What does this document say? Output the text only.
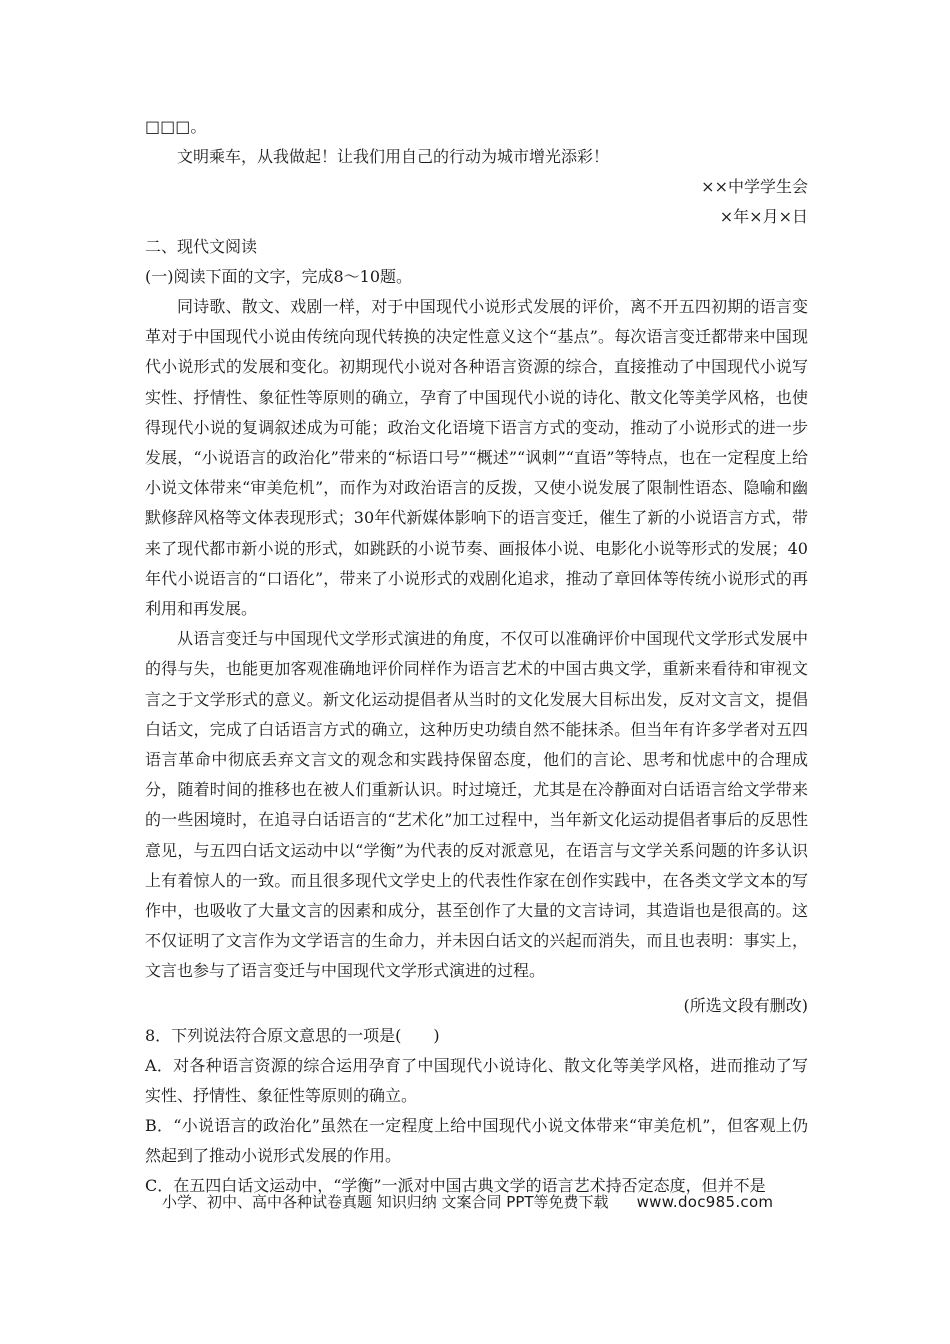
□□□。

文明乘车，从我做起！让我们用自己的行动为城市增光添彩！

××中学学生会

×年×月×日

二、现代文阅读

(一)阅读下面的文字，完成8～10题。

同诗歌、散文、戏剧一样，对于中国现代小说形式发展的评价，离不开五四初期的语言变革对于中国现代小说由传统向现代转换的决定性意义这个“基点”。每次语言变迁都带来中国现代小说形式的发展和变化。初期现代小说对各种语言资源的综合，直接推动了中国现代小说写实性、抒情性、象征性等原则的确立，孕育了中国现代小说的诗化、散文化等美学风格，也使得现代小说的复调叙述成为可能；政治文化语境下语言方式的变动，推动了小说形式的进一步发展，“小说语言的政治化”带来的“标语口号”“概述”“讽刺”“直语”等特点，也在一定程度上给小说文体带来“审美危机”，而作为对政治语言的反拨，又使小说发展了限制性语态、隐喻和幽默修辞风格等文体表现形式；30年代新媒体影响下的语言变迁，催生了新的小说语言方式，带来了现代都市新小说的形式，如跳跃的小说节奏、画报体小说、电影化小说等形式的发展；40年代小说语言的“口语化”，带来了小说形式的戏剧化追求，推动了章回体等传统小说形式的再利用和再发展。

从语言变迁与中国现代文学形式演进的角度，不仅可以准确评价中国现代文学形式发展中的得与失，也能更加客观准确地评价同样作为语言艺术的中国古典文学，重新来看待和审视文言之于文学形式的意义。新文化运动提倡者从当时的文化发展大目标出发，反对文言文，提倡白话文，完成了白话语言方式的确立，这种历史功绩自然不能抹杀。但当年有许多学者对五四语言革命中彻底丢弃文言文的观念和实践持保留态度，他们的言论、思考和忧虑中的合理成分，随着时间的推移也在被人们重新认识。时过境迁，尤其是在冷静面对白话语言给文学带来的一些困境时，在追寻白话语言的“艺术化”加工过程中，当年新文化运动提倡者事后的反思性意见，与五四白话文运动中以“学衡”为代表的反对派意见，在语言与文学关系问题的许多认识上有着惊人的一致。而且很多现代文学史上的代表性作家在创作实践中，在各类文学文本的写作中，也吸收了大量文言的因素和成分，甚至创作了大量的文言诗词，其造诣也是很高的。这不仅证明了文言作为文学语言的生命力，并未因白话文的兴起而消失，而且也表明：事实上，文言也参与了语言变迁与中国现代文学形式演进的过程。

(所选文段有删改)

8．下列说法符合原文意思的一项是(　　)

A．对各种语言资源的综合运用孕育了中国现代小说诗化、散文化等美学风格，进而推动了写实性、抒情性、象征性等原则的确立。

B．“小说语言的政治化”虽然在一定程度上给中国现代小说文体带来“审美危机”，但客观上仍然起到了推动小说形式发展的作用。

C．在五四白话文运动中，“学衡”一派对中国古典文学的语言艺术持否定态度，但并不是

小学、初中、高中各种试卷真题 知识归纳 文案合同 PPT等免费下载 www.doc985.com
